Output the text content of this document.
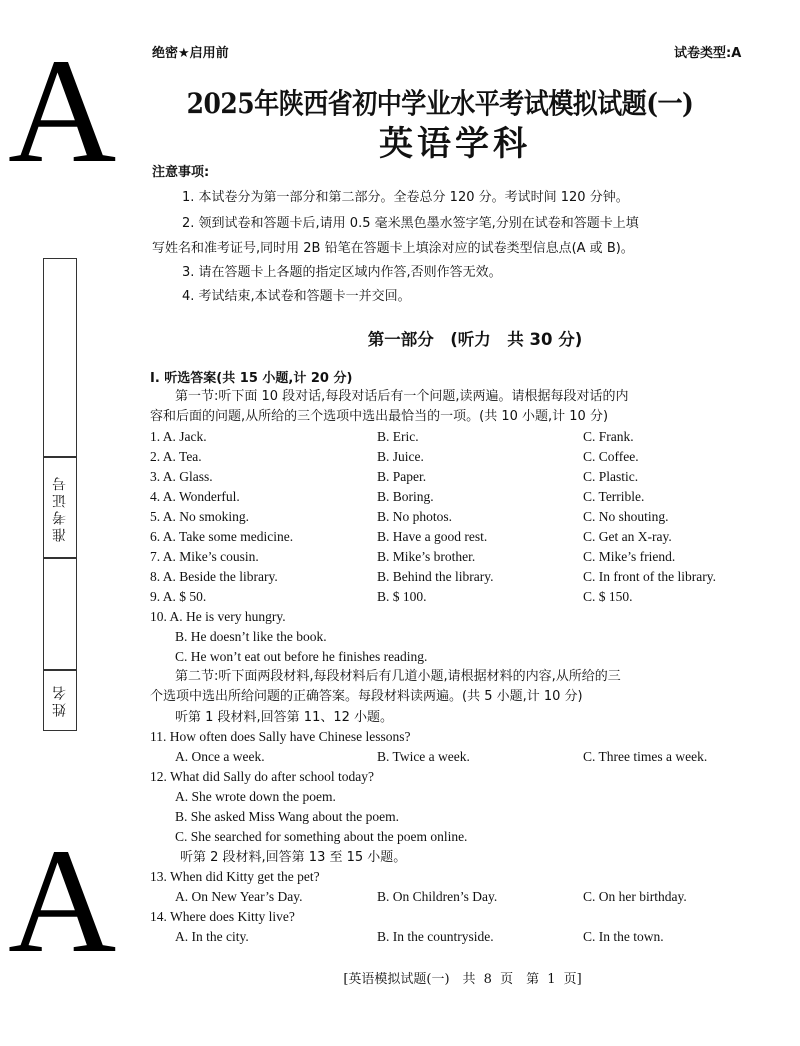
A
A
准考证号
姓名
绝密★启用前	试卷类型:A
2025年陕西省初中学业水平考试模拟试题(一)
英语学科
注意事项:
1. 本试卷分为第一部分和第二部分。全卷总分 120 分。考试时间 120 分钟。
2. 领到试卷和答题卡后,请用 0.5 毫米黑色墨水签字笔,分别在试卷和答题卡上填
写姓名和准考证号,同时用 2B 铅笔在答题卡上填涂对应的试卷类型信息点(A 或 B)。
3. 请在答题卡上各题的指定区域内作答,否则作答无效。
4. 考试结束,本试卷和答题卡一并交回。
第一部分　(听力　共 30 分)
Ⅰ. 听选答案(共 15 小题,计 20 分)
第一节:听下面 10 段对话,每段对话后有一个问题,读两遍。请根据每段对话的内
容和后面的问题,从所给的三个选项中选出最恰当的一项。(共 10 小题,计 10 分)
1. A. Jack.	B. Eric.	C. Frank.
2. A. Tea.	B. Juice.	C. Coffee.
3. A. Glass.	B. Paper.	C. Plastic.
4. A. Wonderful.	B. Boring.	C. Terrible.
5. A. No smoking.	B. No photos.	C. No shouting.
6. A. Take some medicine.	B. Have a good rest.	C. Get an X-ray.
7. A. Mike’s cousin.	B. Mike’s brother.	C. Mike’s friend.
8. A. Beside the library.	B. Behind the library.	C. In front of the library.
9. A. $ 50.	B. $ 100.	C. $ 150.
10. A. He is very hungry.
B. He doesn’t like the book.
C. He won’t eat out before he finishes reading.
第二节:听下面两段材料,每段材料后有几道小题,请根据材料的内容,从所给的三
个选项中选出所给问题的正确答案。每段材料读两遍。(共 5 小题,计 10 分)
听第 1 段材料,回答第 11、12 小题。
11. How often does Sally have Chinese lessons?
A. Once a week.	B. Twice a week.	C. Three times a week.
12. What did Sally do after school today?
A. She wrote down the poem.
B. She asked Miss Wang about the poem.
C. She searched for something about the poem online.
听第 2 段材料,回答第 13 至 15 小题。
13. When did Kitty get the pet?
A. On New Year’s Day.	B. On Children’s Day.	C. On her birthday.
14. Where does Kitty live?
A. In the city.	B. In the countryside.	C. In the town.
[英语模拟试题(一)　共 8 页　第 1 页]
